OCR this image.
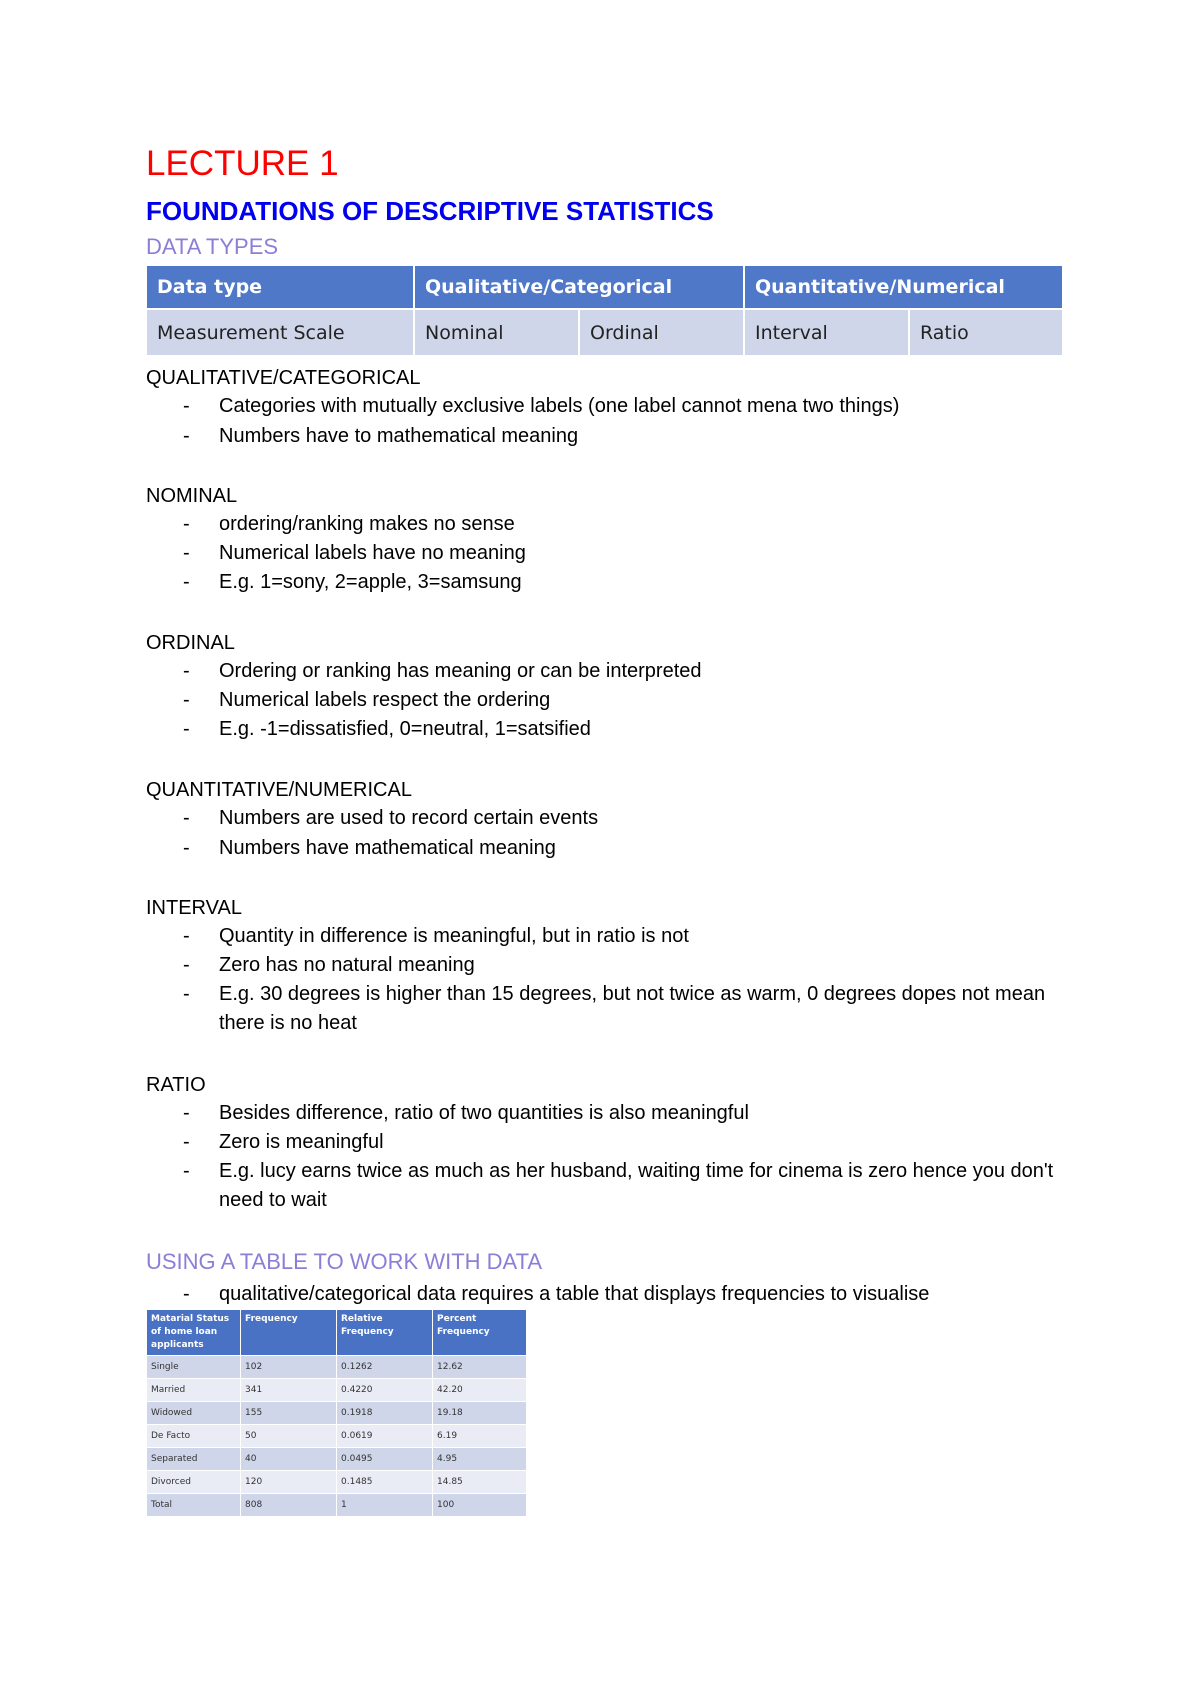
LECTURE 1
FOUNDATIONS OF DESCRIPTIVE STATISTICS
DATA TYPES
Data type	Qualitative/Categorical		Quantitative/Numerical	
Measurement Scale	Nominal	Ordinal	Interval	Ratio
QUALITATIVE/CATEGORICAL
-	Categories with mutually exclusive labels (one label cannot mena two things)
-	Numbers have to mathematical meaning
NOMINAL
-	ordering/ranking makes no sense
-	Numerical labels have no meaning
-	E.g. 1=sony, 2=apple, 3=samsung
ORDINAL
-	Ordering or ranking has meaning or can be interpreted
-	Numerical labels respect the ordering
-	E.g. -1=dissatisfied, 0=neutral, 1=satsified
QUANTITATIVE/NUMERICAL
-	Numbers are used to record certain events
-	Numbers have mathematical meaning
INTERVAL
-	Quantity in difference is meaningful, but in ratio is not
-	Zero has no natural meaning
-	E.g. 30 degrees is higher than 15 degrees, but not twice as warm, 0 degrees dopes not mean there is no heat
RATIO
-	Besides difference, ratio of two quantities is also meaningful
-	Zero is meaningful
-	E.g. lucy earns twice as much as her husband, waiting time for cinema is zero hence you don't need to wait
USING A TABLE TO WORK WITH DATA
-	qualitative/categorical data requires a table that displays frequencies to visualise
Matarial Status of home loan applicants	Frequency	Relative Frequency	Percent Frequency
Single	102	0.1262	12.62
Married	341	0.4220	42.20
Widowed	155	0.1918	19.18
De Facto	50	0.0619	6.19
Separated	40	0.0495	4.95
Divorced	120	0.1485	14.85
Total	808	1	100
